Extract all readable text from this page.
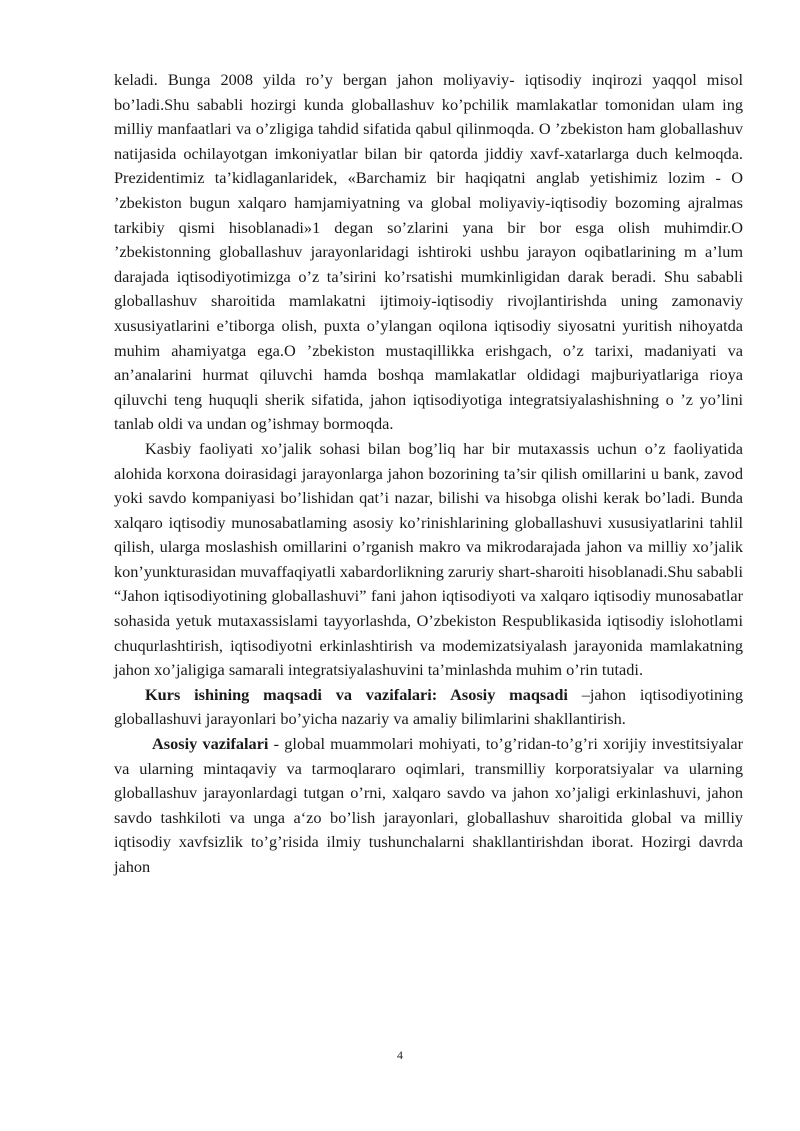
keladi. Bunga 2008 yilda ro’y bergan jahon moliyaviy- iqtisodiy inqirozi yaqqol misol bo’ladi.Shu sababli hozirgi kunda globallashuv ko’pchilik mamlakatlar tomonidan ulam ing milliy manfaatlari va o’zligiga tahdid sifatida qabul qilinmoqda. O ’zbekiston ham globallashuv natijasida ochilayotgan imkoniyatlar bilan bir qatorda jiddiy xavf-xatarlarga duch kelmoqda. Prezidentimiz ta’kidlaganlaridek, «Barchamiz bir haqiqatni anglab yetishimiz lozim - O ’zbekiston bugun xalqaro hamjamiyatning va global moliyaviy-iqtisodiy bozoming ajralmas tarkibiy qismi hisoblanadi»1 degan so’zlarini yana bir bor esga olish muhimdir.O ’zbekistonning globallashuv jarayonlaridagi ishtiroki ushbu jarayon oqibatlarining m a’lum darajada iqtisodiyotimizga o’z ta’sirini ko’rsatishi mumkinligidan darak beradi. Shu sababli globallashuv sharoitida mamlakatni ijtimoiy-iqtisodiy rivojlantirishda uning zamonaviy xususiyatlarini e’tiborga olish, puxta o’ylangan oqilona iqtisodiy siyosatni yuritish nihoyatda muhim ahamiyatga ega.O ’zbekiston mustaqillikka erishgach, o’z tarixi, madaniyati va an’analarini hurmat qiluvchi hamda boshqa mamlakatlar oldidagi majburiyatlariga rioya qiluvchi teng huquqli sherik sifatida, jahon iqtisodiyotiga integratsiyalashishning o ’z yo’lini tanlab oldi va undan og’ishmay bormoqda.

Kasbiy faoliyati xo’jalik sohasi bilan bog’liq har bir mutaxassis uchun o’z faoliyatida alohida korxona doirasidagi jarayonlarga jahon bozorining ta’sir qilish omillarini u bank, zavod yoki savdo kompaniyasi bo’lishidan qat’i nazar, bilishi va hisobga olishi kerak bo’ladi. Bunda xalqaro iqtisodiy munosabatlaming asosiy ko’rinishlarining globallashuvi xususiyatlarini tahlil qilish, ularga moslashish omillarini o’rganish makro va mikrodarajada jahon va milliy xo’jalik kon’yunkturasidan muvaffaqiyatli xabardorlikning zaruriy shart-sharoiti hisoblanadi.Shu sababli “Jahon iqtisodiyotining globallashuvi” fani jahon iqtisodiyoti va xalqaro iqtisodiy munosabatlar sohasida yetuk mutaxassislami tayyorlashda, O’zbekiston Respublikasida iqtisodiy islohotlami chuqurlashtirish, iqtisodiyotni erkinlashtirish va modemizatsiyalash jarayonida mamlakatning jahon xo’jaligiga samarali integratsiyalashuvini ta’minlashda muhim o’rin tutadi.

Kurs ishining maqsadi va vazifalari: Asosiy maqsadi –jahon iqtisodiyotining globallashuvi jarayonlari bo’yicha nazariy va amaliy bilimlarini shakllantirish.

Asosiy vazifalari - global muammolari mohiyati, to’g’ridan-to’g’ri xorijiy investitsiyalar va ularning mintaqaviy va tarmoqlararo oqimlari, transmilliy korporatsiyalar va ularning globallashuv jarayonlardagi tutgan o’rni, xalqaro savdo va jahon xo’jaligi erkinlashuvi, jahon savdo tashkiloti va unga a‘zo bo’lish jarayonlari, globallashuv sharoitida global va milliy iqtisodiy xavfsizlik to’g’risida ilmiy tushunchalarni shakllantirishdan iborat. Hozirgi davrda jahon

4
